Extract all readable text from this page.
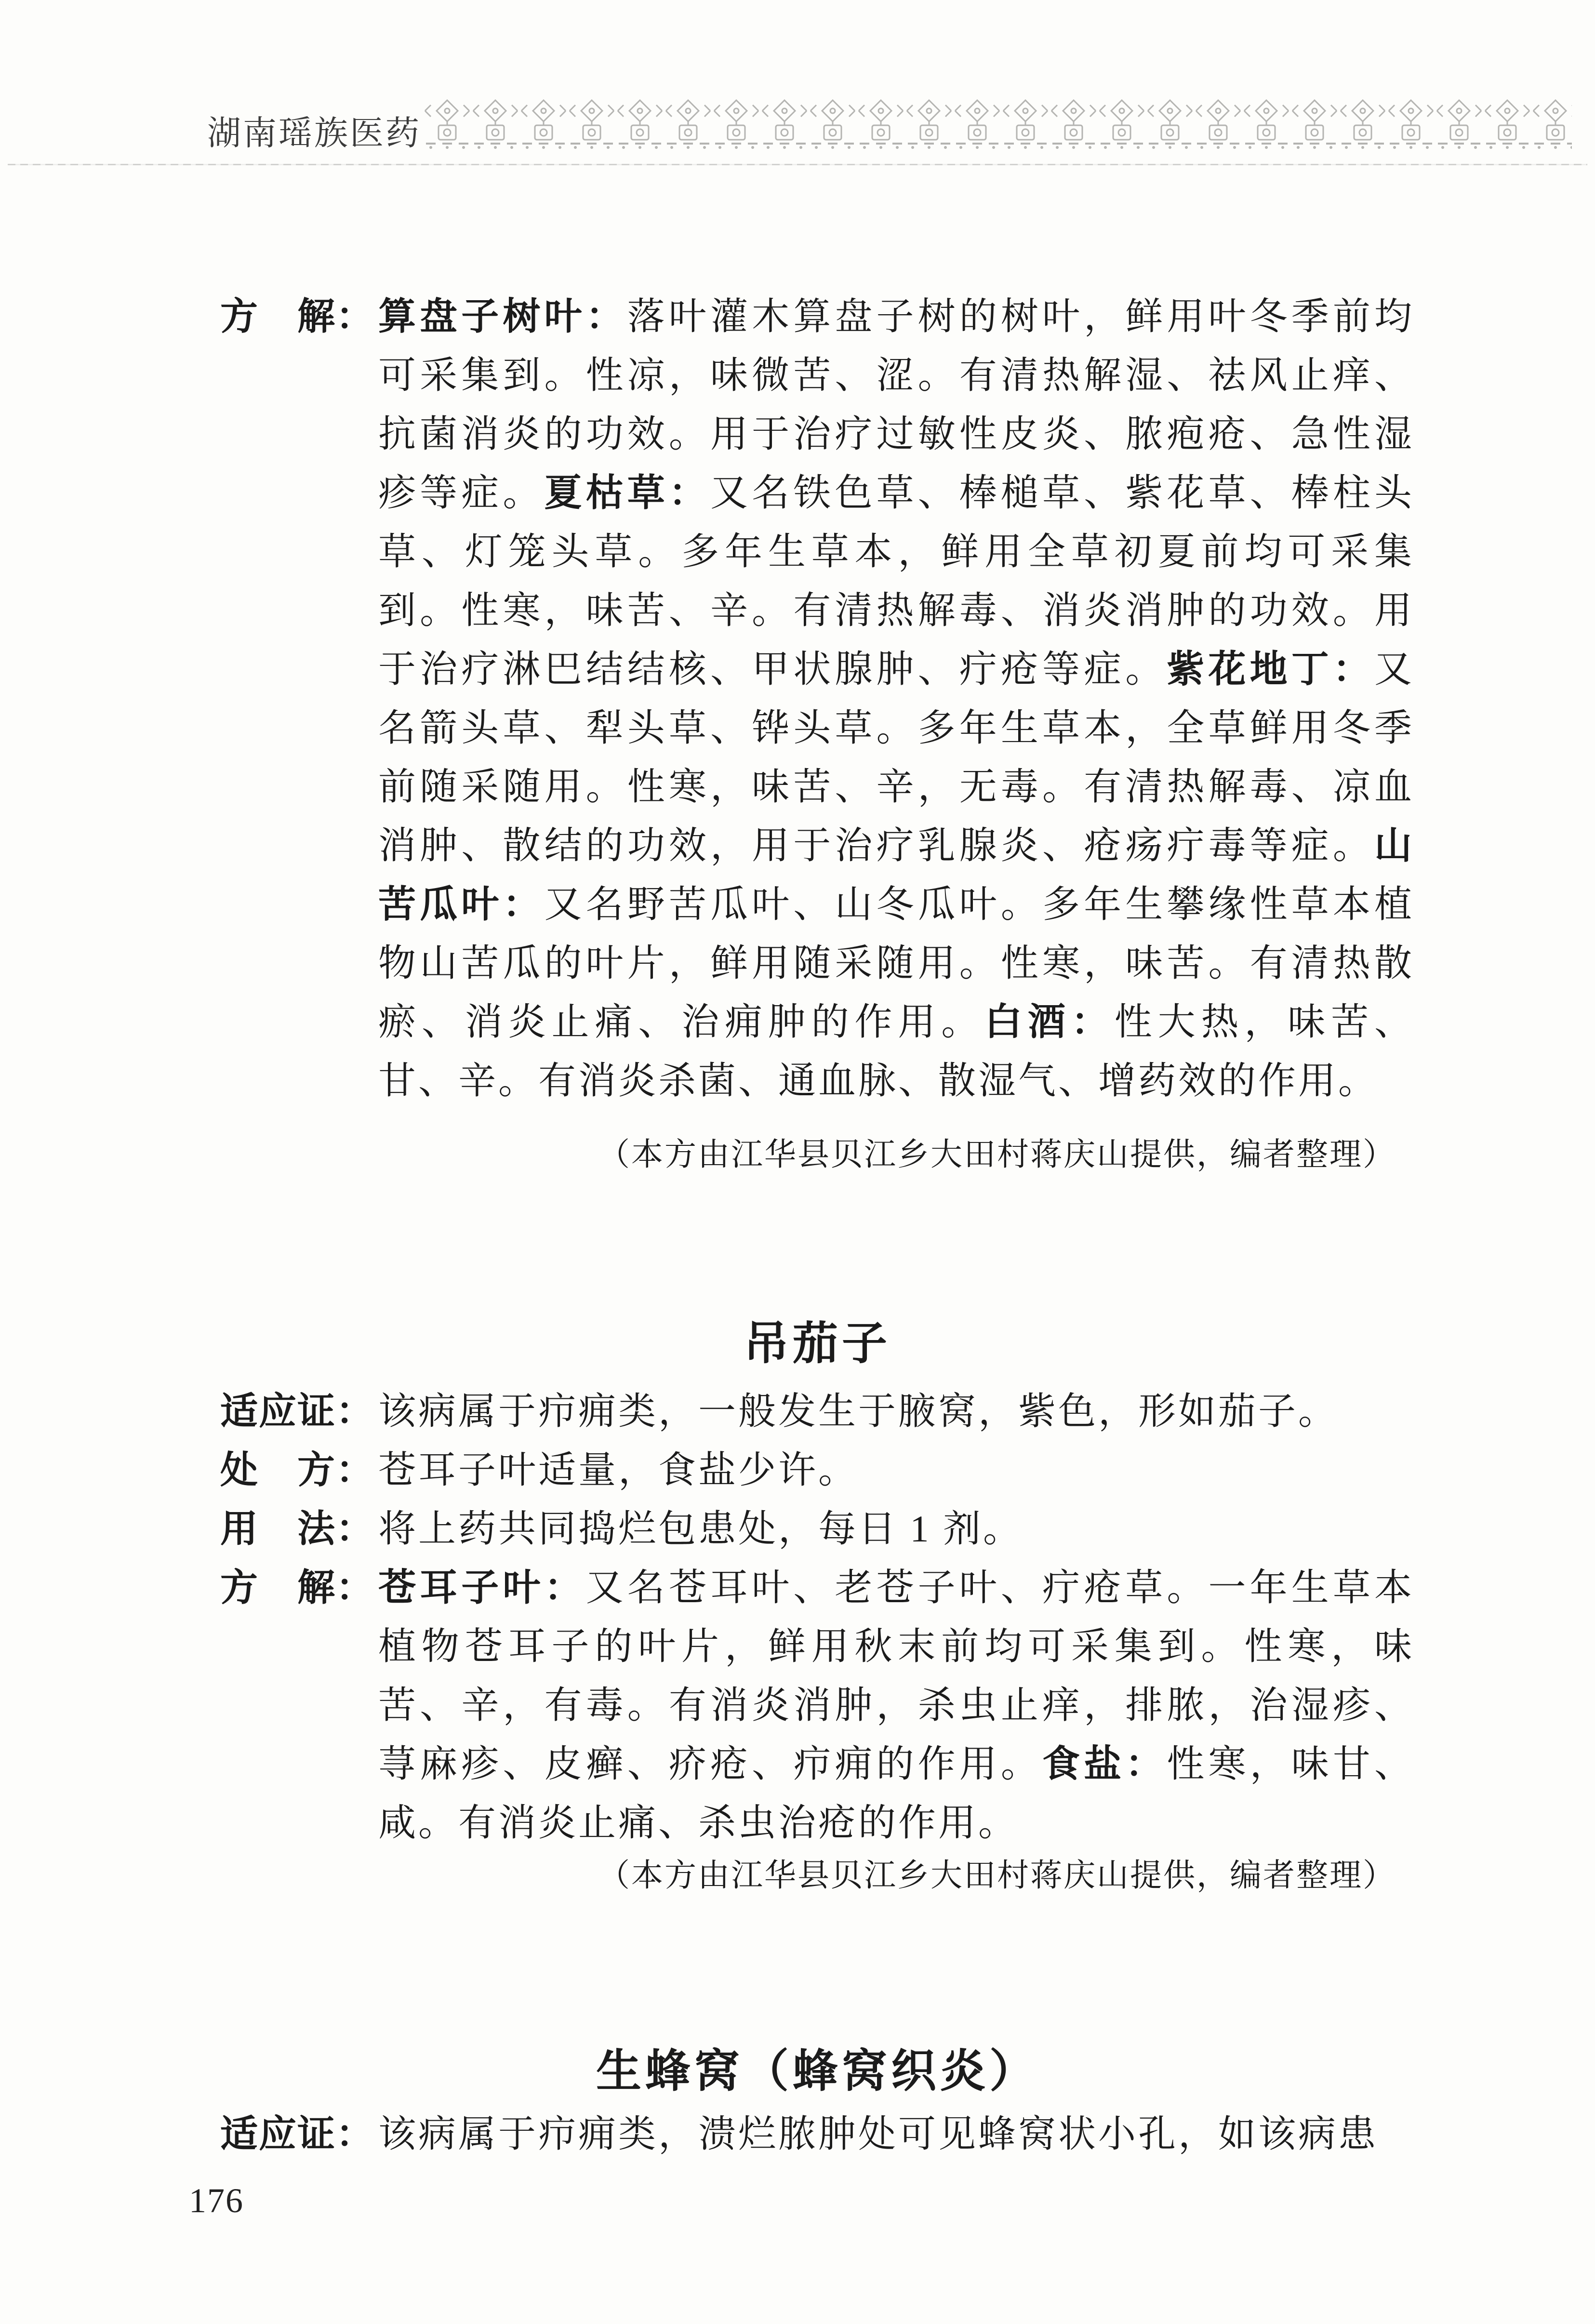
湖南瑶族医药
方　解： 算盘子树叶：落叶灌木算盘子树的树叶，鲜用叶冬季前均可采集到。性凉，味微苦、涩。有清热解湿、祛风止痒、抗菌消炎的功效。用于治疗过敏性皮炎、脓疱疮、急性湿疹等症。夏枯草：又名铁色草、棒槌草、紫花草、棒柱头草、灯笼头草。多年生草本，鲜用全草初夏前均可采集到。性寒，味苦、辛。有清热解毒、消炎消肿的功效。用于治疗淋巴结结核、甲状腺肿、疔疮等症。紫花地丁：又名箭头草、犁头草、铧头草。多年生草本，全草鲜用冬季前随采随用。性寒，味苦、辛，无毒。有清热解毒、凉血消肿、散结的功效，用于治疗乳腺炎、疮疡疔毒等症。山苦瓜叶：又名野苦瓜叶、山冬瓜叶。多年生攀缘性草本植物山苦瓜的叶片，鲜用随采随用。性寒，味苦。有清热散瘀、消炎止痛、治痈肿的作用。白酒：性大热，味苦、甘、辛。有消炎杀菌、通血脉、散湿气、增药效的作用。
（本方由江华县贝江乡大田村蒋庆山提供，编者整理）
吊茄子
适应证： 该病属于疖痈类，一般发生于腋窝，紫色，形如茄子。
处　方： 苍耳子叶适量，食盐少许。
用　法： 将上药共同捣烂包患处，每日 1 剂。
方　解： 苍耳子叶：又名苍耳叶、老苍子叶、疔疮草。一年生草本植物苍耳子的叶片，鲜用秋末前均可采集到。性寒，味苦、辛，有毒。有消炎消肿，杀虫止痒，排脓，治湿疹、荨麻疹、皮癣、疥疮、疖痈的作用。食盐：性寒，味甘、咸。有消炎止痛、杀虫治疮的作用。
（本方由江华县贝江乡大田村蒋庆山提供，编者整理）
生蜂窝（蜂窝织炎）
适应证： 该病属于疖痈类，溃烂脓肿处可见蜂窝状小孔，如该病患
176
